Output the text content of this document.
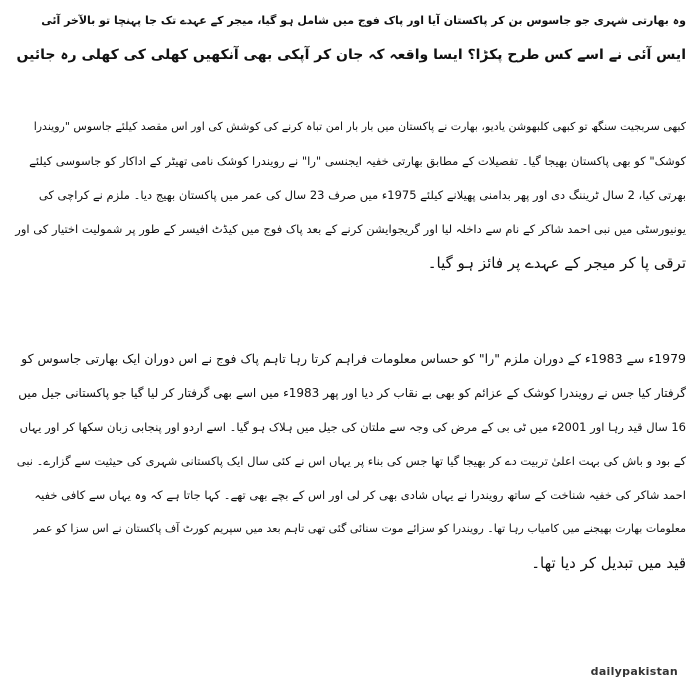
وہ بھارتی شہری جو جاسوس بن کر پاکستان آیا اور پاک فوج میں شامل ہو گیا، میجر کے عہدے تک جا پہنچا تو بالآخر آئی
ایس آئی نے اسے کس طرح پکڑا؟ ایسا واقعہ کہ جان کر آپکی بھی آنکھیں کھلی کی کھلی رہ جائیں
کبھی سربجیت سنگھ تو کبھی کلبھوشن یادیو، بھارت نے پاکستان میں بار بار امن تباہ کرنے کی کوشش کی اور اس مقصد کیلئے جاسوس "رویندرا
کوشک" کو بھی پاکستان بھیجا گیا۔ تفصیلات کے مطابق بھارتی خفیہ ایجنسی "را" نے رویندرا کوشک نامی تھیٹر کے اداکار کو جاسوسی کیلئے
بھرتی کیا، 2 سال ٹریننگ دی اور پھر بدامنی پھیلانے کیلئے 1975ء میں صرف 23 سال کی عمر میں پاکستان بھیج دیا۔ ملزم نے کراچی کی
یونیورسٹی میں نبی احمد شاکر کے نام سے داخلہ لیا اور گریجوایشن کرنے کے بعد پاک فوج میں کیڈٹ افیسر کے طور پر شمولیت اختیار کی اور
ترقی پا کر میجر کے عہدے پر فائز ہو گیا۔
1979ء سے 1983ء کے دوران ملزم "را" کو حساس معلومات فراہم کرتا رہا تاہم پاک فوج نے اس دوران ایک بھارتی جاسوس کو
گرفتار کیا جس نے رویندرا کوشک کے عزائم کو بھی بے نقاب کر دیا اور پھر 1983ء میں اسے بھی گرفتار کر لیا گیا جو پاکستانی جیل میں
16 سال قید رہا اور 2001ء میں ٹی بی کے مرض کی وجہ سے ملتان کی جیل میں ہلاک ہو گیا۔ اسے اردو اور پنجابی زبان سکھا کر اور یہاں
کے بود و باش کی بہت اعلیٰ تربیت دے کر بھیجا گیا تھا جس کی بناء پر یہاں اس نے کئی سال ایک پاکستانی شہری کی حیثیت سے گزارے۔ نبی
احمد شاکر کی خفیہ شناخت کے ساتھ رویندرا نے یہاں شادی بھی کر لی اور اس کے بچے بھی تھے۔ کہا جاتا ہے کہ وہ یہاں سے کافی خفیہ
معلومات بھارت بھیجنے میں کامیاب رہا تھا۔ رویندرا کو سزائے موت سنائی گئی تھی تاہم بعد میں سپریم کورٹ آف پاکستان نے اس سزا کو عمر
قید میں تبدیل کر دیا تھا۔
dailypakistan
